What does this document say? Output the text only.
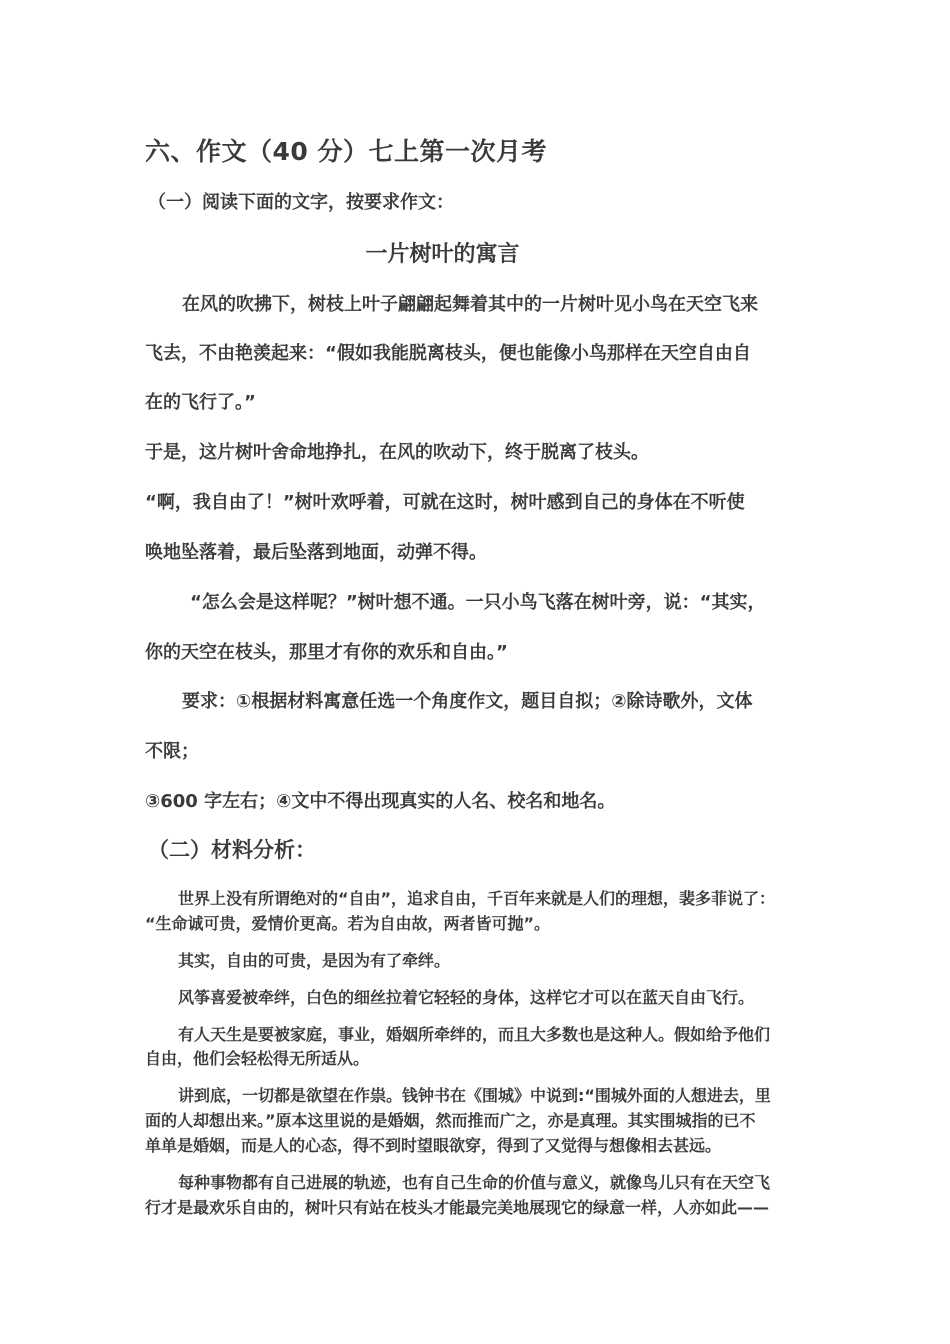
六、作文（40 分）七上第一次月考
（一）阅读下面的文字，按要求作文：
一片树叶的寓言
在风的吹拂下，树枝上叶子翩翩起舞着其中的一片树叶见小鸟在天空飞来
飞去，不由艳羡起来：“假如我能脱离枝头，便也能像小鸟那样在天空自由自
在的飞行了。”
于是，这片树叶舍命地挣扎，在风的吹动下，终于脱离了枝头。
“啊，我自由了！”树叶欢呼着，可就在这时，树叶感到自己的身体在不听使
唤地坠落着，最后坠落到地面，动弹不得。
“怎么会是这样呢？”树叶想不通。一只小鸟飞落在树叶旁，说：“其实，
你的天空在枝头，那里才有你的欢乐和自由。”
要求：①根据材料寓意任选一个角度作文，题目自拟；②除诗歌外，文体
不限；
③600 字左右；④文中不得出现真实的人名、校名和地名。
（二）材料分析：
世界上没有所谓绝对的“自由”，追求自由，千百年来就是人们的理想，裴多菲说了：
“生命诚可贵，爱情价更高。若为自由故，两者皆可抛”。
其实，自由的可贵，是因为有了牵绊。
风筝喜爱被牵绊，白色的细丝拉着它轻轻的身体，这样它才可以在蓝天自由飞行。
有人天生是要被家庭，事业，婚姻所牵绊的，而且大多数也是这种人。假如给予他们
自由，他们会轻松得无所适从。
讲到底，一切都是欲望在作祟。钱钟书在《围城》中说到:“围城外面的人想进去，里
面的人却想出来。”原本这里说的是婚姻，然而推而广之，亦是真理。其实围城指的已不
单单是婚姻，而是人的心态，得不到时望眼欲穿，得到了又觉得与想像相去甚远。
每种事物都有自己进展的轨迹，也有自己生命的价值与意义，就像鸟儿只有在天空飞
行才是最欢乐自由的，树叶只有站在枝头才能最完美地展现它的绿意一样，人亦如此——
